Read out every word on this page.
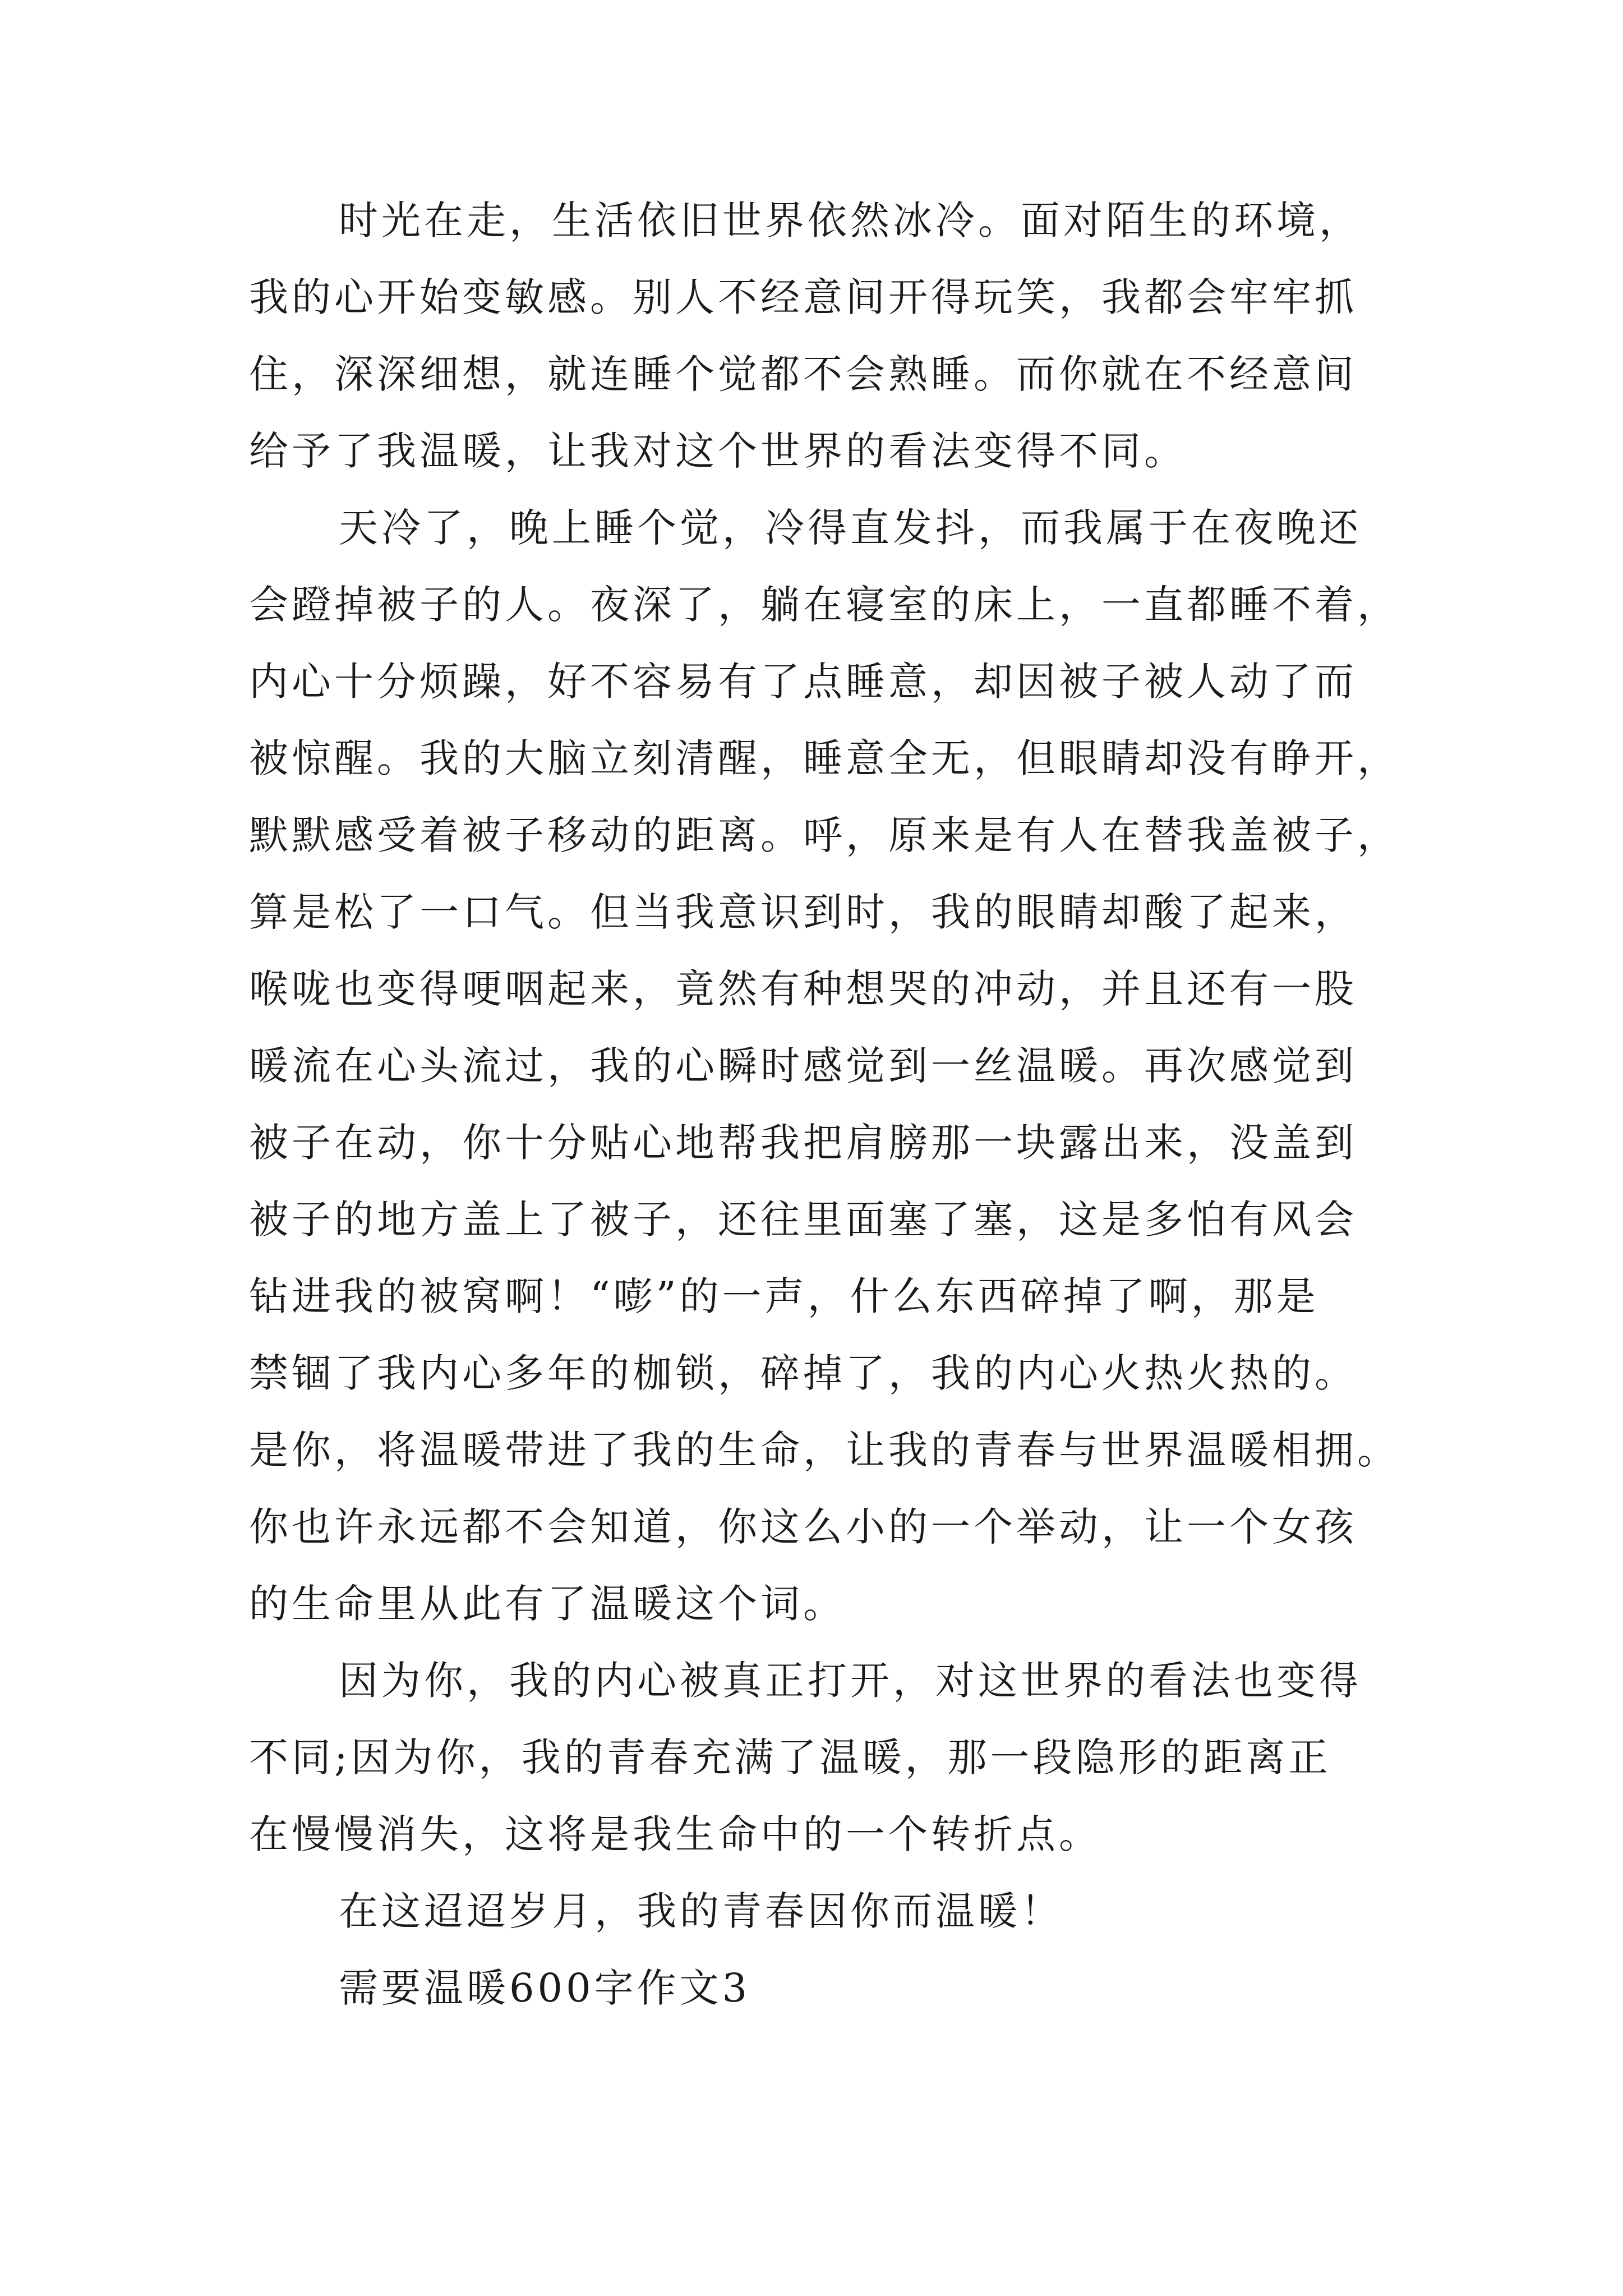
时光在走，生活依旧世界依然冰冷。面对陌生的环境，
我的心开始变敏感。别人不经意间开得玩笑，我都会牢牢抓
住，深深细想，就连睡个觉都不会熟睡。而你就在不经意间
给予了我温暖，让我对这个世界的看法变得不同。
天冷了，晚上睡个觉，冷得直发抖，而我属于在夜晚还
会蹬掉被子的人。夜深了，躺在寝室的床上，一直都睡不着，
内心十分烦躁，好不容易有了点睡意，却因被子被人动了而
被惊醒。我的大脑立刻清醒，睡意全无，但眼睛却没有睁开，
默默感受着被子移动的距离。呼，原来是有人在替我盖被子，
算是松了一口气。但当我意识到时，我的眼睛却酸了起来，
喉咙也变得哽咽起来，竟然有种想哭的冲动，并且还有一股
暖流在心头流过，我的心瞬时感觉到一丝温暖。再次感觉到
被子在动，你十分贴心地帮我把肩膀那一块露出来，没盖到
被子的地方盖上了被子，还往里面塞了塞，这是多怕有风会
钻进我的被窝啊！“嘭”的一声，什么东西碎掉了啊，那是
禁锢了我内心多年的枷锁，碎掉了，我的内心火热火热的。
是你，将温暖带进了我的生命，让我的青春与世界温暖相拥。
你也许永远都不会知道，你这么小的一个举动，让一个女孩
的生命里从此有了温暖这个词。
因为你，我的内心被真正打开，对这世界的看法也变得
不同;因为你，我的青春充满了温暖，那一段隐形的距离正
在慢慢消失，这将是我生命中的一个转折点。
在这迢迢岁月，我的青春因你而温暖！
需要温暖600字作文3
